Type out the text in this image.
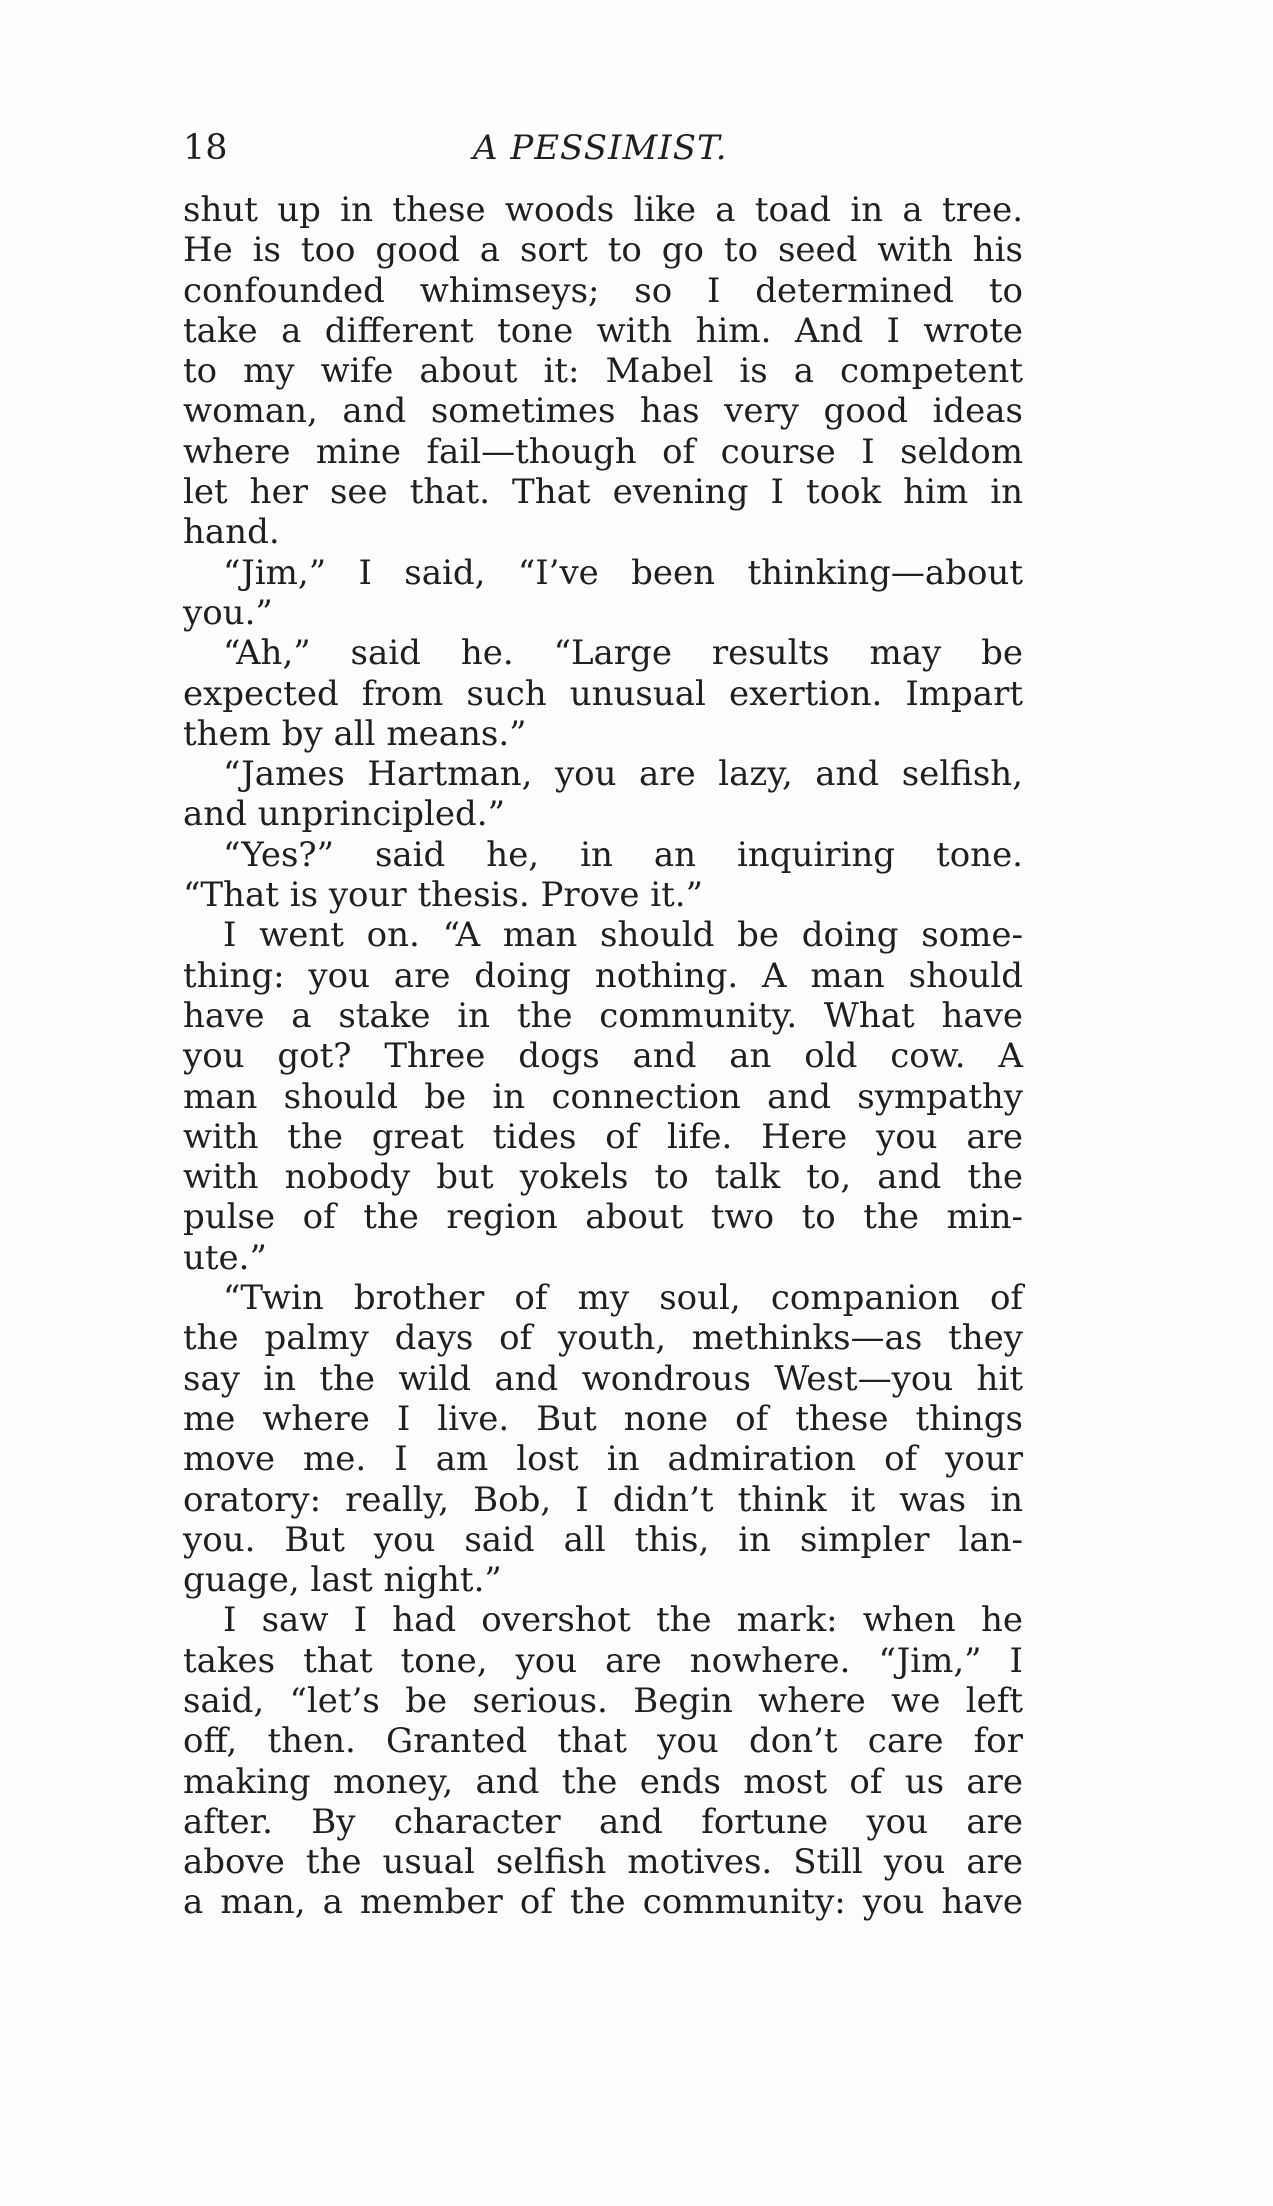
18	A PESSIMIST.
shut up in these woods like a toad in a tree.
He is too good a sort to go to seed with his
confounded whimseys; so I determined to
take a different tone with him. And I wrote
to my wife about it: Mabel is a competent
woman, and sometimes has very good ideas
where mine fail—though of course I seldom
let her see that. That evening I took him in
hand.
“Jim,” I said, “I’ve been thinking—about
you.”
“Ah,” said he. “Large results may be
expected from such unusual exertion. Impart
them by all means.”
“James Hartman, you are lazy, and selfish,
and unprincipled.”
“Yes?” said he, in an inquiring tone.
“That is your thesis. Prove it.”
I went on. “A man should be doing some-
thing: you are doing nothing. A man should
have a stake in the community. What have
you got? Three dogs and an old cow. A
man should be in connection and sympathy
with the great tides of life. Here you are
with nobody but yokels to talk to, and the
pulse of the region about two to the min-
ute.”
“Twin brother of my soul, companion of
the palmy days of youth, methinks—as they
say in the wild and wondrous West—you hit
me where I live. But none of these things
move me. I am lost in admiration of your
oratory: really, Bob, I didn’t think it was in
you. But you said all this, in simpler lan-
guage, last night.”
I saw I had overshot the mark: when he
takes that tone, you are nowhere. “Jim,” I
said, “let’s be serious. Begin where we left
off, then. Granted that you don’t care for
making money, and the ends most of us are
after. By character and fortune you are
above the usual selfish motives. Still you are
a man, a member of the community: you have
